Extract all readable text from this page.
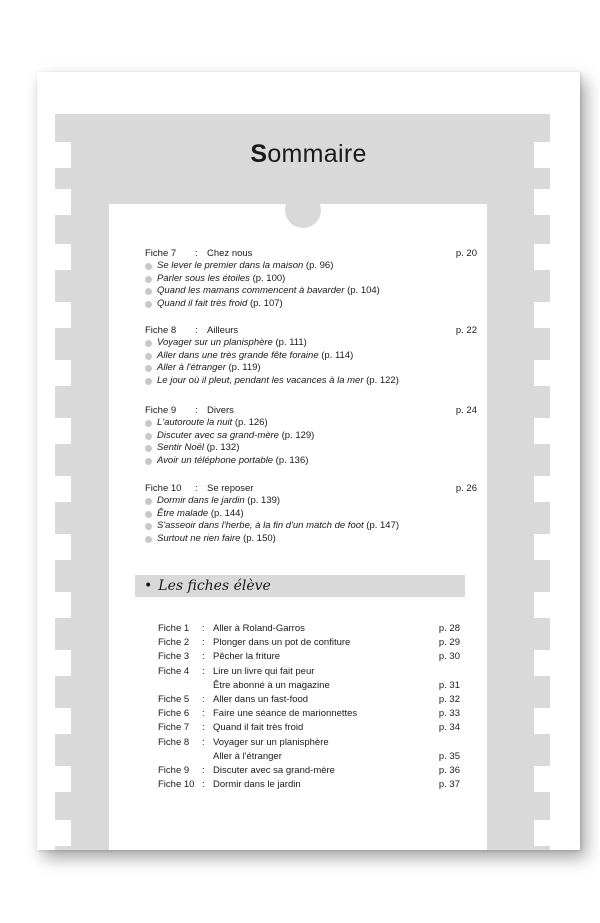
Sommaire
Fiche 7 : Chez nous	p. 20
Se lever le premier dans la maison (p. 96)
Parler sous les étoiles (p. 100)
Quand les mamans commencent à bavarder (p. 104)
Quand il fait très froid (p. 107)
Fiche 8 : Ailleurs	p. 22
Voyager sur un planisphère (p. 111)
Aller dans une très grande fête foraine (p. 114)
Aller à l'étranger (p. 119)
Le jour où il pleut, pendant les vacances à la mer (p. 122)
Fiche 9 : Divers	p. 24
L'autoroute la nuit (p. 126)
Discuter avec sa grand-mère (p. 129)
Sentir Noël (p. 132)
Avoir un téléphone portable (p. 136)
Fiche 10 : Se reposer	p. 26
Dormir dans le jardin (p. 139)
Être malade (p. 144)
S'asseoir dans l'herbe, à la fin d'un match de foot (p. 147)
Surtout ne rien faire (p. 150)
• Les fiches élève
Fiche 1 : Aller à Roland-Garros	p. 28
Fiche 2 : Plonger dans un pot de confiture	p. 29
Fiche 3 : Pêcher la friture	p. 30
Fiche 4 : Lire un livre qui fait peur
Être abonné à un magazine	p. 31
Fiche 5 : Aller dans un fast-food	p. 32
Fiche 6 : Faire une séance de marionnettes	p. 33
Fiche 7 : Quand il fait très froid	p. 34
Fiche 8 : Voyager sur un planisphère
Aller à l'étranger	p. 35
Fiche 9 : Discuter avec sa grand-mère	p. 36
Fiche 10 : Dormir dans le jardin	p. 37
